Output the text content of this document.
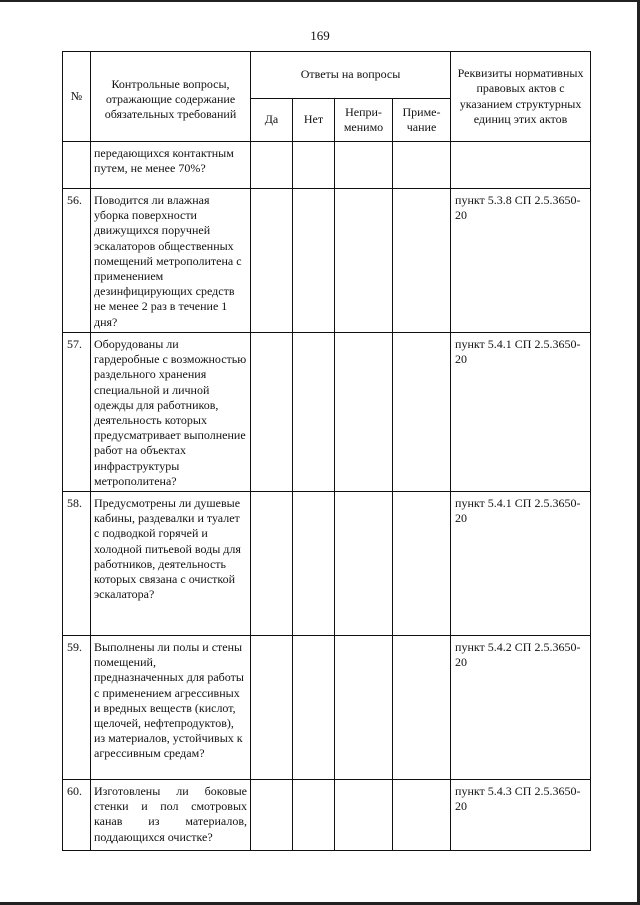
169
№	Контрольные вопросы, отражающие содержание обязательных требований	Ответы на вопросы				Реквизиты нормативных правовых актов с указанием структурных единиц этих актов
		Да	Нет	Непри-менимо	Приме-чание	
	передающихся контактным путем, не менее 70%?					
56.	Поводится ли влажная уборка поверхности движущихся поручней эскалаторов общественных помещений метрополитена с применением дезинфицирующих средств не менее 2 раз в течение 1 дня?					пункт 5.3.8 СП 2.5.3650-20
57.	Оборудованы ли гардеробные с возможностью раздельного хранения специальной и личной одежды для работников, деятельность которых предусматривает выполнение работ на объектах инфраструктуры метрополитена?					пункт 5.4.1 СП 2.5.3650-20
58.	Предусмотрены ли душевые кабины, раздевалки и туалет с подводкой горячей и холодной питьевой воды для работников, деятельность которых связана с очисткой эскалатора?					пункт 5.4.1 СП 2.5.3650-20
59.	Выполнены ли полы и стены помещений, предназначенных для работы с применением агрессивных и вредных веществ (кислот, щелочей, нефтепродуктов), из материалов, устойчивых к агрессивным средам?					пункт 5.4.2 СП 2.5.3650-20
60.	Изготовлены ли боковые стенки и пол смотровых канав из материалов, поддающихся очистке?					пункт 5.4.3 СП 2.5.3650-20
